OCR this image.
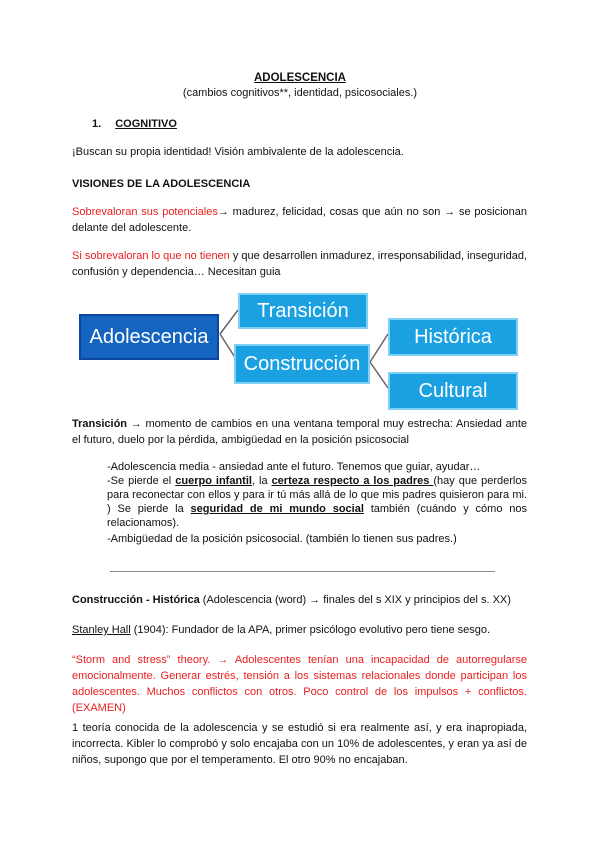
ADOLESCENCIA
(cambios cognitivos**, identidad, psicosociales.)
1. COGNITIVO
¡Buscan su propia identidad! Visión ambivalente de la adolescencia.
VISIONES DE LA ADOLESCENCIA
Sobrevaloran sus potenciales→ madurez, felicidad, cosas que aún no son → se posicionan delante del adolescente.
Si sobrevaloran lo que no tienen y que desarrollen inmadurez, irresponsabilidad, inseguridad, confusión y dependencia… Necesitan guia
Adolescencia
Transición
Construcción
Histórica
Cultural
Transición → momento de cambios en una ventana temporal muy estrecha: Ansiedad ante el futuro, duelo por la pérdida, ambigüedad en la posición psicosocial
-Adolescencia media - ansiedad ante el futuro. Tenemos que guiar, ayudar…
-Se pierde el cuerpo infantil, la certeza respecto a los padres (hay que perderlos para reconectar con ellos y para ir tú más allá de lo que mis padres quisieron para mi. ) Se pierde la seguridad de mi mundo social también (cuándo y cómo nos relacionamos).
-Ambigüedad de la posición psicosocial. (también lo tienen sus padres.)
Construcción - Histórica (Adolescencia (word) → finales del s XIX y principios del s. XX)
Stanley Hall (1904): Fundador de la APA, primer psicólogo evolutivo pero tiene sesgo.
“Storm and stress” theory. → Adolescentes tenían una incapacidad de autorregularse emocionalmente. Generar estrés, tensión a los sistemas relacionales donde participan los adolescentes. Muchos conflictos con otros. Poco control de los impulsos + conflictos. (EXAMEN)
1 teoría conocida de la adolescencia y se estudió si era realmente así, y era inapropiada, incorrecta. Kibler lo comprobó y solo encajaba con un 10% de adolescentes, y eran ya así de niños, supongo que por el temperamento. El otro 90% no encajaban.
